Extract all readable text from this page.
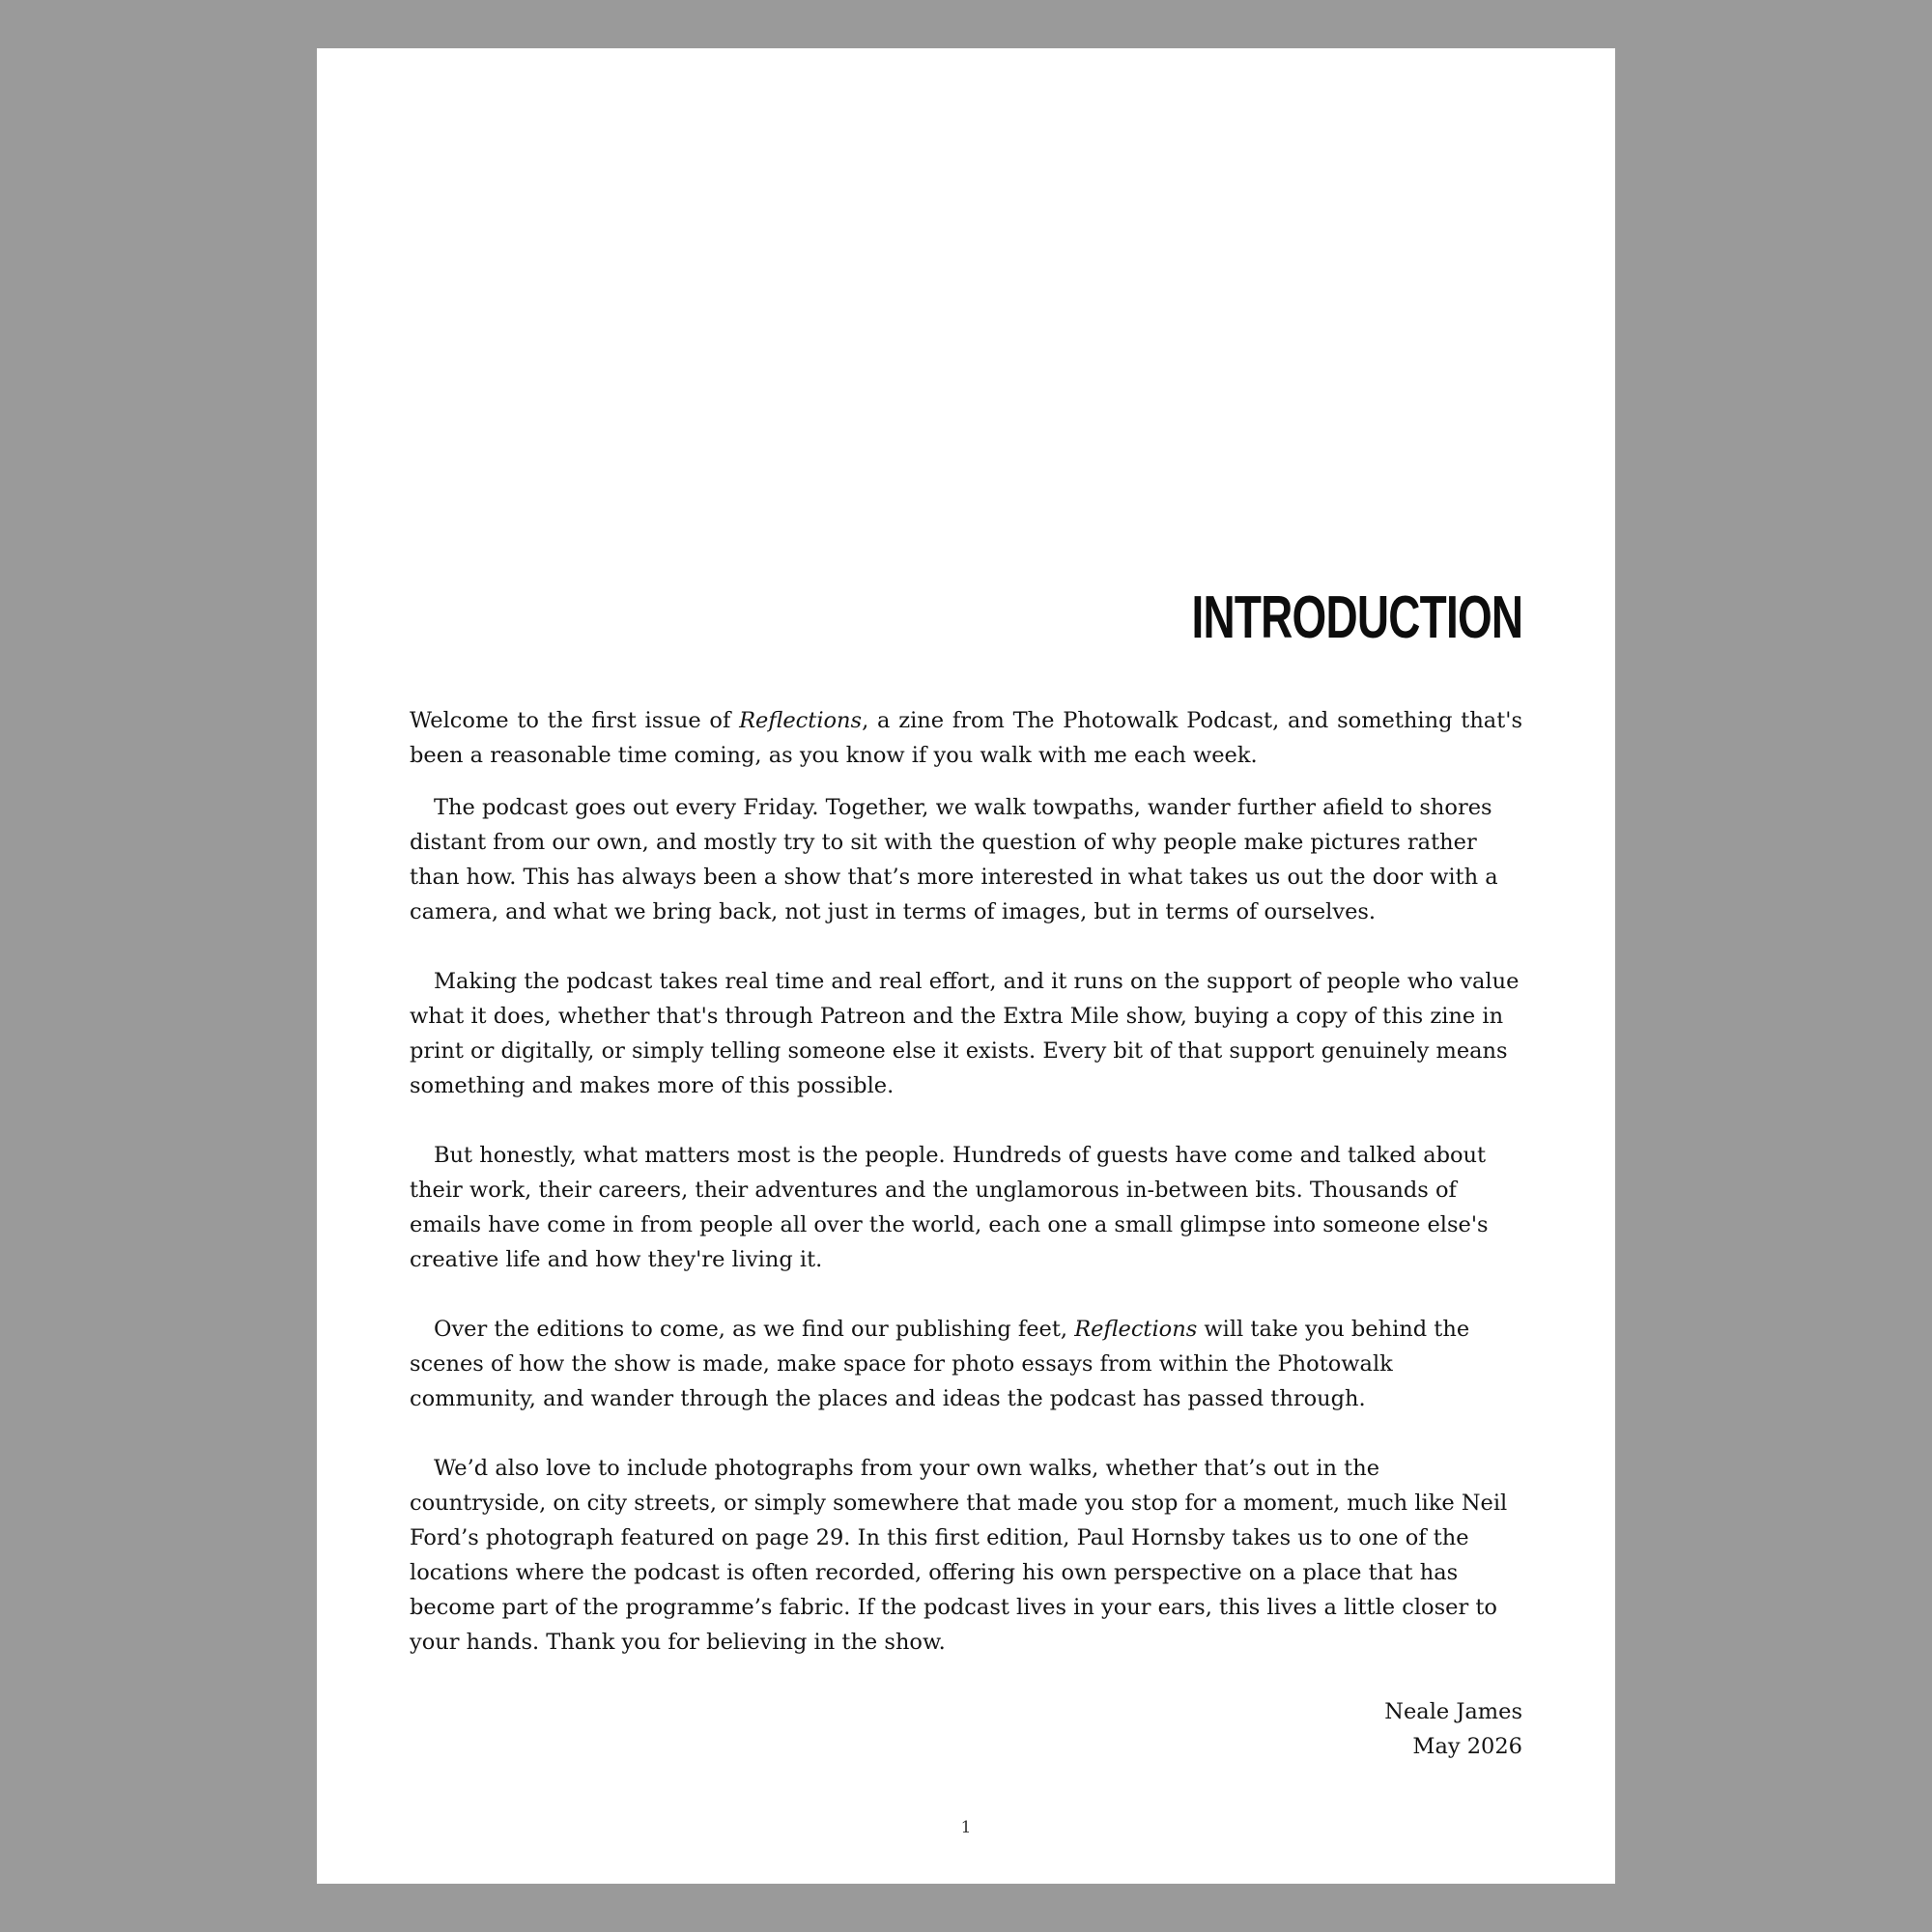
INTRODUCTION

Welcome to the first issue of Reflections, a zine from The Photowalk Podcast, and something that's been a reasonable time coming, as you know if you walk with me each week.

The podcast goes out every Friday. Together, we walk towpaths, wander further afield to shores distant from our own, and mostly try to sit with the question of why people make pictures rather than how. This has always been a show that’s more interested in what takes us out the door with a camera, and what we bring back, not just in terms of images, but in terms of ourselves.

Making the podcast takes real time and real effort, and it runs on the support of people who value what it does, whether that's through Patreon and the Extra Mile show, buying a copy of this zine in print or digitally, or simply telling someone else it exists. Every bit of that support genuinely means something and makes more of this possible.

But honestly, what matters most is the people. Hundreds of guests have come and talked about their work, their careers, their adventures and the unglamorous in-between bits. Thousands of emails have come in from people all over the world, each one a small glimpse into someone else's creative life and how they're living it.

Over the editions to come, as we find our publishing feet, Reflections will take you behind the scenes of how the show is made, make space for photo essays from within the Photowalk community, and wander through the places and ideas the podcast has passed through.

We’d also love to include photographs from your own walks, whether that’s out in the countryside, on city streets, or simply somewhere that made you stop for a moment, much like Neil Ford’s photograph featured on page 29. In this first edition, Paul Hornsby takes us to one of the locations where the podcast is often recorded, offering his own perspective on a place that has become part of the programme’s fabric. If the podcast lives in your ears, this lives a little closer to your hands. Thank you for believing in the show.

Neale James
May 2026
1
